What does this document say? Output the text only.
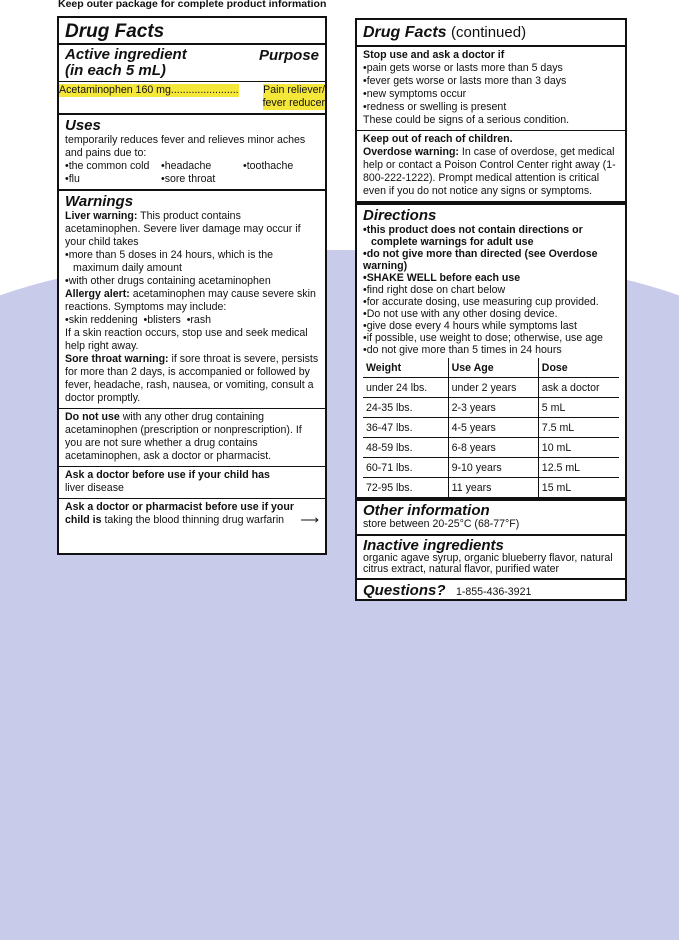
Keep outer package for complete product information
Drug Facts
Active ingredient
(in each 5 mL)
Purpose
Acetaminophen 160 mg....................... Pain reliever/
fever reducer
Uses
temporarily reduces fever and relieves minor aches
and pains due to:
• the common cold	• headache	• toothache
• flu	• sore throat
Warnings
Liver warning: This product contains acetaminophen. Severe liver damage may occur if your child takes
• more than 5 doses in 24 hours, which is the maximum daily amount
• with other drugs containing acetaminophen
Allergy alert: acetaminophen may cause severe skin reactions. Symptoms may include:
• skin reddening • blisters • rash
If a skin reaction occurs, stop use and seek medical help right away.
Sore throat warning: if sore throat is severe, persists for more than 2 days, is accompanied or followed by fever, headache, rash, nausea, or vomiting, consult a doctor promptly.
Do not use with any other drug containing acetaminophen (prescription or nonprescription). If you are not sure whether a drug contains acetaminophen, ask a doctor or pharmacist.
Ask a doctor before use if your child has
liver disease
Ask a doctor or pharmacist before use if your child is taking the blood thinning drug warfarin ⟶
Drug Facts (continued)
Stop use and ask a doctor if
• pain gets worse or lasts more than 5 days
• fever gets worse or lasts more than 3 days
• new symptoms occur
• redness or swelling is present
These could be signs of a serious condition.
Keep out of reach of children.
Overdose warning: In case of overdose, get medical help or contact a Poison Control Center right away (1-800-222-1222). Prompt medical attention is critical even if you do not notice any signs or symptoms.
Directions
• this product does not contain directions or complete warnings for adult use
• do not give more than directed (see Overdose warning)
• SHAKE WELL before each use
• find right dose on chart below
• for accurate dosing, use measuring cup provided.
• Do not use with any other dosing device.
• give dose every 4 hours while symptoms last
• if possible, use weight to dose; otherwise, use age
• do not give more than 5 times in 24 hours
Weight	Use Age	Dose
under 24 lbs.	under 2 years	ask a doctor
24-35 lbs.	2-3 years	5 mL
36-47 lbs.	4-5 years	7.5 mL
48-59 lbs.	6-8 years	10 mL
60-71 lbs.	9-10 years	12.5 mL
72-95 lbs.	11 years	15 mL
Other information
store between 20-25°C (68-77°F)
Inactive ingredients
organic agave syrup, organic blueberry flavor, natural citrus extract, natural flavor, purified water
Questions? 1-855-436-3921
